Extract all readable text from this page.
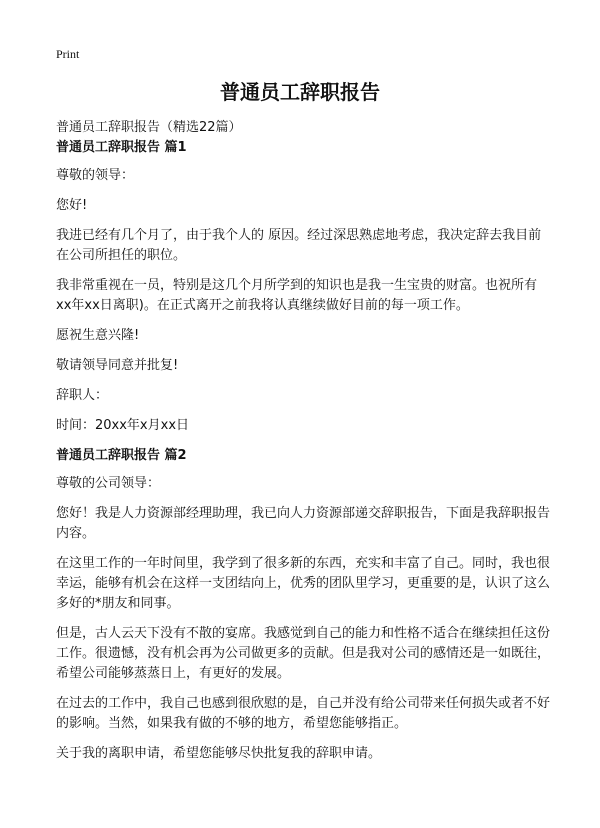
Print
普通员工辞职报告

普通员工辞职报告（精选22篇）

普通员工辞职报告 篇1

尊敬的领导：

您好!

我进已经有几个月了，由于我个人的 原因。经过深思熟虑地考虑，我决定辞去我目前在公司所担任的职位。

我非常重视在一员，特别是这几个月所学到的知识也是我一生宝贵的财富。也祝所有xx年xx日离职)。在正式离开之前我将认真继续做好目前的每一项工作。

愿祝生意兴隆!

敬请领导同意并批复!

辞职人：

时间：20xx年x月xx日

普通员工辞职报告 篇2

尊敬的公司领导：

您好！我是人力资源部经理助理，我已向人力资源部递交辞职报告，下面是我辞职报告内容。

在这里工作的一年时间里，我学到了很多新的东西，充实和丰富了自己。同时，我也很幸运，能够有机会在这样一支团结向上，优秀的团队里学习，更重要的是，认识了这么多好的*朋友和同事。

但是，古人云天下没有不散的宴席。我感觉到自己的能力和性格不适合在继续担任这份工作。很遗憾，没有机会再为公司做更多的贡献。但是我对公司的感情还是一如既往，希望公司能够蒸蒸日上，有更好的发展。

在过去的工作中，我自己也感到很欣慰的是，自己并没有给公司带来任何损失或者不好的影响。当然，如果我有做的不够的地方，希望您能够指正。

关于我的离职申请，希望您能够尽快批复我的辞职申请。
